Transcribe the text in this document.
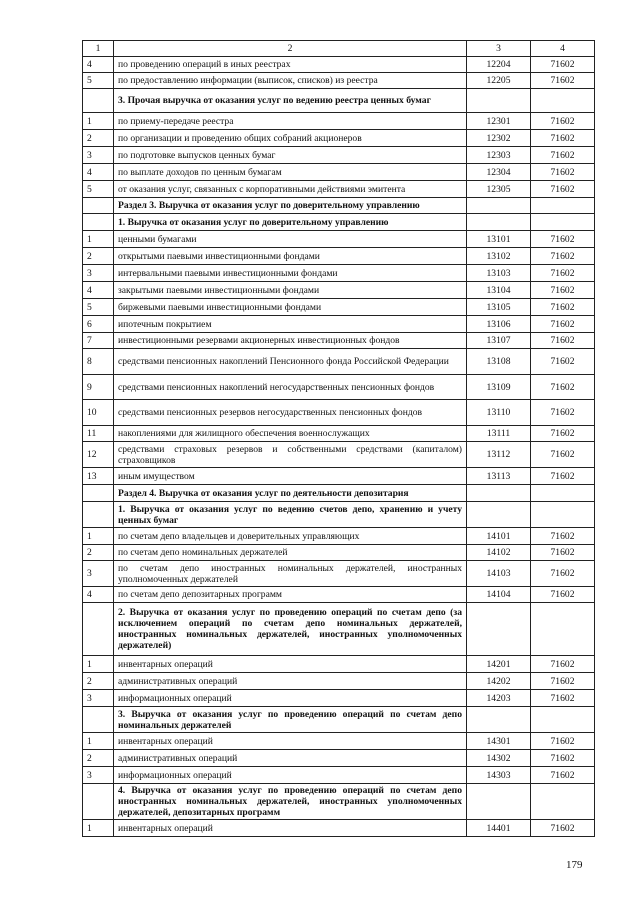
1	2	3	4
4	по проведению операций в иных реестрах	12204	71602
5	по предоставлению информации (выписок, списков) из реестра	12205	71602
	3. Прочая выручка от оказания услуг по ведению реестра ценных бумаг		
1	по приему-передаче реестра	12301	71602
2	по организации и проведению общих собраний акционеров	12302	71602
3	по подготовке выпусков ценных бумаг	12303	71602
4	по выплате доходов по ценным бумагам	12304	71602
5	от оказания услуг, связанных с корпоративными действиями эмитента	12305	71602
	Раздел 3. Выручка от оказания услуг по доверительному управлению		
	1. Выручка от оказания услуг по доверительному управлению		
1	ценными бумагами	13101	71602
2	открытыми паевыми инвестиционными фондами	13102	71602
3	интервальными паевыми инвестиционными фондами	13103	71602
4	закрытыми паевыми инвестиционными фондами	13104	71602
5	биржевыми паевыми инвестиционными фондами	13105	71602
6	ипотечным покрытием	13106	71602
7	инвестиционными резервами акционерных инвестиционных фондов	13107	71602
8	средствами пенсионных накоплений Пенсионного фонда Российской Федерации	13108	71602
9	средствами пенсионных накоплений негосударственных пенсионных фондов	13109	71602
10	средствами пенсионных резервов негосударственных пенсионных фондов	13110	71602
11	накоплениями для жилищного обеспечения военнослужащих	13111	71602
12	средствами страховых резервов и собственными средствами (капиталом) страховщиков	13112	71602
13	иным имуществом	13113	71602
	Раздел 4. Выручка от оказания услуг по деятельности депозитария		
	1. Выручка от оказания услуг по ведению счетов депо, хранению и учету ценных бумаг		
1	по счетам депо владельцев и доверительных управляющих	14101	71602
2	по счетам депо номинальных держателей	14102	71602
3	по счетам депо иностранных номинальных держателей, иностранных уполномоченных держателей	14103	71602
4	по счетам депо депозитарных программ	14104	71602
	2. Выручка от оказания услуг по проведению операций по счетам депо (за исключением операций по счетам депо номинальных держателей, иностранных номинальных держателей, иностранных уполномоченных держателей)		
1	инвентарных операций	14201	71602
2	административных операций	14202	71602
3	информационных операций	14203	71602
	3. Выручка от оказания услуг по проведению операций по счетам депо номинальных держателей		
1	инвентарных операций	14301	71602
2	административных операций	14302	71602
3	информационных операций	14303	71602
	4. Выручка от оказания услуг по проведению операций по счетам депо иностранных номинальных держателей, иностранных уполномоченных держателей, депозитарных программ		
1	инвентарных операций	14401	71602
179
